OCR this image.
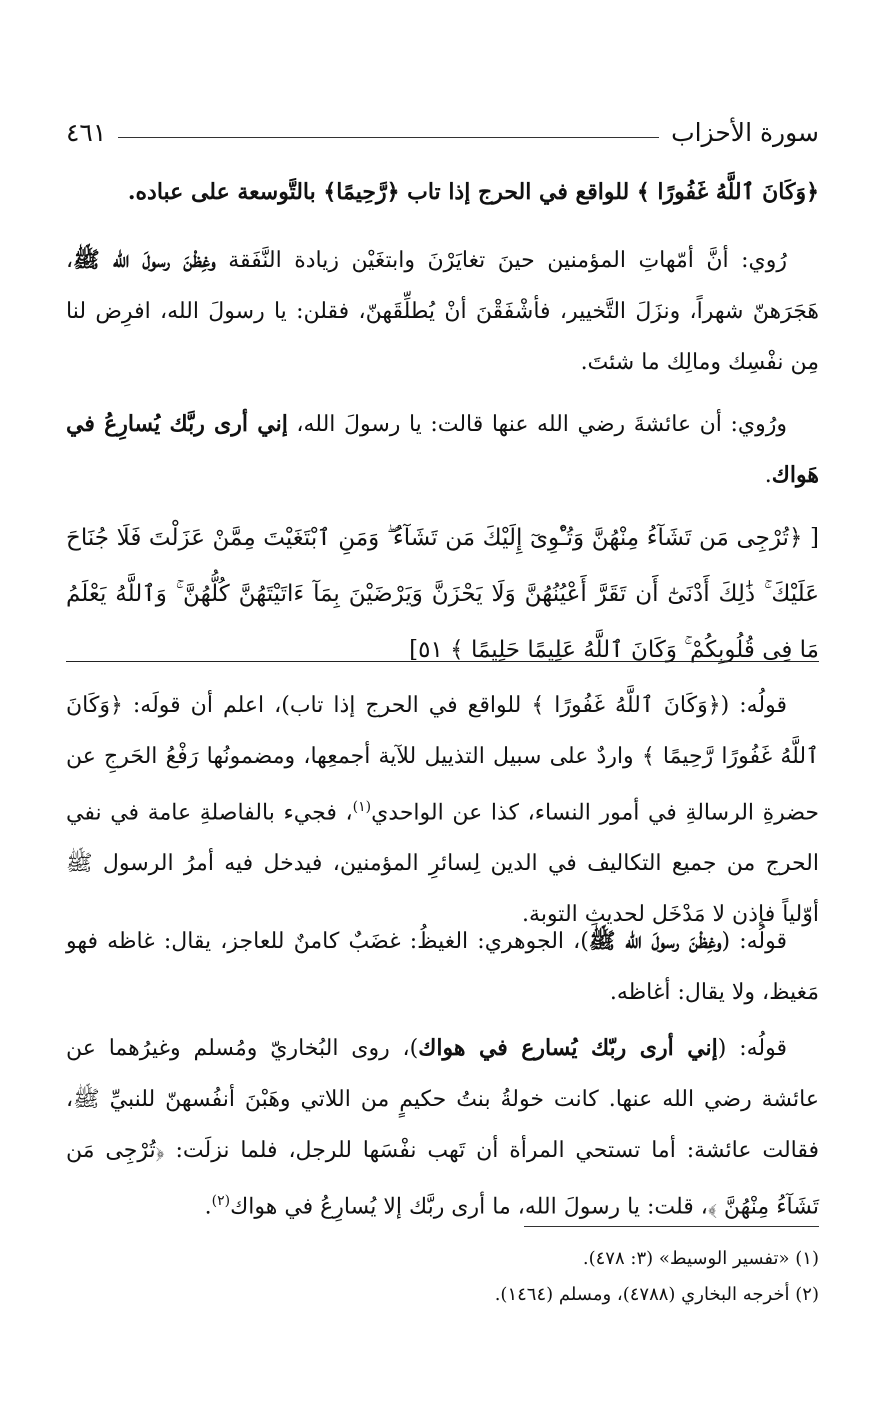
سورة الأحزاب
٤٦١
﴿وَكَانَ ٱللَّهُ غَفُورًا ﴾ للواقع في الحرج إذا تاب ﴿رَّحِيمًا﴾ بالتَّوسعة على عباده.
رُوي: أنَّ أمّهاتِ المؤمنين حينَ تغايَرْنَ وابتغَيْن زيادة النَّفَقة وغِظْنَ رسولَ الله ﷺ، هَجَرَهنّ شهراً، ونزَلَ التَّخيير، فأشْفَقْنَ أنْ يُطلِّقَهنّ، فقلن: يا رسولَ الله، افرِض لنا مِن نفْسِك ومالِك ما شئتَ.
ورُوي: أن عائشةَ رضي الله عنها قالت: يا رسولَ الله، إني أرى ربَّك يُسارِعُ في هَواك.
[ ﴿تُرْجِى مَن تَشَآءُ مِنْهُنَّ وَتُـْٔوِىٓ إِلَيْكَ مَن تَشَآءُ ۖ وَمَنِ ٱبْتَغَيْتَ مِمَّنْ عَزَلْتَ فَلَا جُنَاحَ عَلَيْكَ ۚ ذَٰلِكَ أَدْنَىٰٓ أَن تَقَرَّ أَعْيُنُهُنَّ وَلَا يَحْزَنَّ وَيَرْضَيْنَ بِمَآ ءَاتَيْتَهُنَّ كُلُّهُنَّ ۚ وَٱللَّهُ يَعْلَمُ مَا فِى قُلُوبِكُمْ ۚ وَكَانَ ٱللَّهُ عَلِيمًا حَلِيمًا ﴾ ٥١]
قولُه: (﴿وَكَانَ ٱللَّهُ غَفُورًا ﴾ للواقع في الحرج إذا تاب)، اعلم أن قولَه: ﴿وَكَانَ ٱللَّهُ غَفُورًا رَّحِيمًا ﴾ واردٌ على سبيل التذييل للآية أجمعِها، ومضمونُها رَفْعُ الحَرجِ عن حضرةِ الرسالةِ في أمور النساء، كذا عن الواحدي$^{(١)}$، فجيء بالفاصلةِ عامة في نفي الحرج من جميع التكاليف في الدين لِسائرِ المؤمنين، فيدخل فيه أمرُ الرسول ﷺ أوّلياً فإذن لا مَدْخَل لحديثِ التوبة.
قولُه: (وغِظْنَ رسولَ الله ﷺ)، الجوهري: الغيظُ: غضَبٌ كامنٌ للعاجز، يقال: غاظه فهو مَغيظ، ولا يقال: أغاظه.
قولُه: (إني أرى ربّك يُسارع في هواك)، روى البُخاريّ ومُسلم وغيرُهما عن عائشة رضي الله عنها. كانت خولةُ بنتُ حكيمٍ من اللاتي وهَبْنَ أنفُسهنّ للنبيِّ ﷺ، فقالت عائشة: أما تستحي المرأة أن تَهب نفْسَها للرجل، فلما نزلَت: ﴿تُرْجِى مَن تَشَآءُ مِنْهُنَّ ﴾، قلت: يا رسولَ الله، ما أرى ربَّك إلا يُسارِعُ في هواك$^{(٢)}$.
(١) «تفسير الوسيط» (٣: ٤٧٨).
(٢) أخرجه البخاري (٤٧٨٨)، ومسلم (١٤٦٤).
